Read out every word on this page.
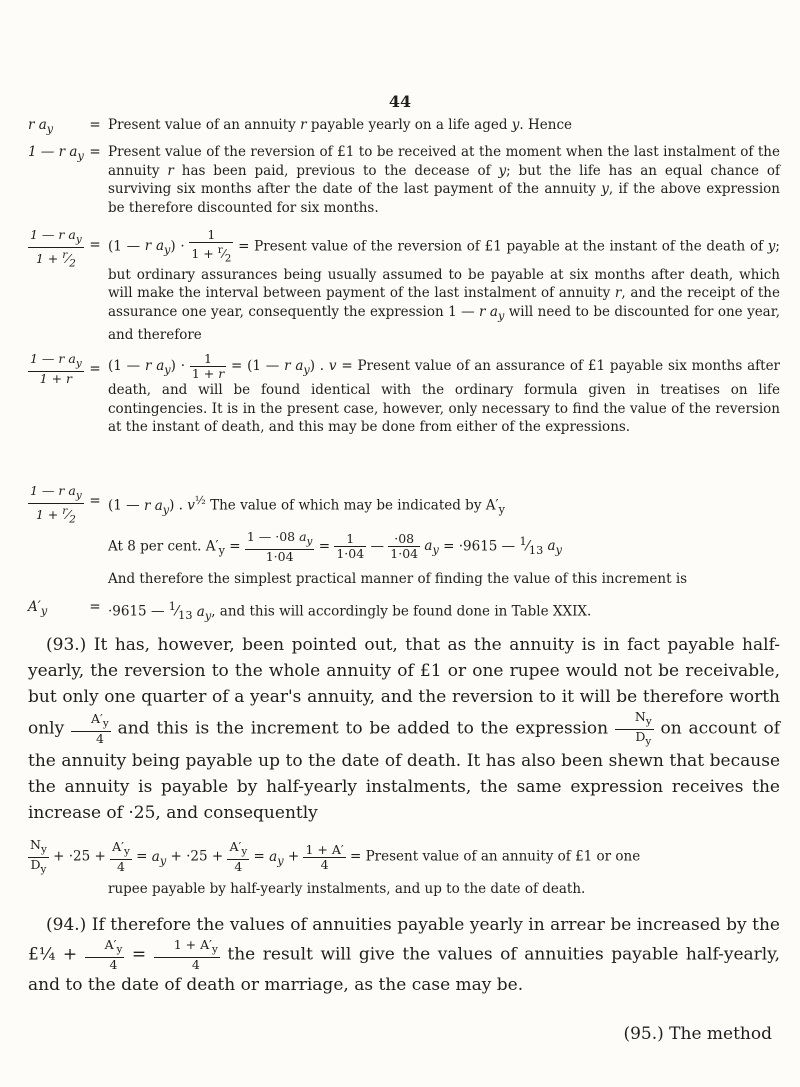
44
r $a_y$	= Present value of an annuity r payable yearly on a life aged y. Hence
1 — r $a_y$ = Present value of the reversion of £1 to be received at the moment when the last instalment of the annuity r has been paid, previous to the decease of y; but the life has an equal chance of surviving six months after the date of the last payment of the annuity y, if the above expression be therefore discounted for six months.
$\frac{1 — r a_y}{1 + ^r⁄_2} = (1$ — r $a_y) \cdot \frac{1}{1 + ^r⁄_2}$ = Present value of the reversion of £1 payable at the instant of the death of y; but ordinary assurances being usually assumed to be payable at six months after death, which will make the interval between payment of the last instalment of annuity r, and the receipt of the assurance one year, consequently the expression 1 — r $a_y$ will need to be discounted for one year, and therefore
$\frac{1 — r a_y}{1 + r} = (1$ — r $a_y) \cdot \frac{1}{1 + r} = (1$ — r $a_y$) . v = Present value of an assurance of £1 payable six months after death, and will be found identical with the ordinary formula given in treatises on life contingencies. It is in the present case, however, only necessary to find the value of the reversion at the instant of death, and this may be done from either of the expressions.
$\frac{1 — r a_y}{1 + ^r⁄_2} = (1$ — r $a_y$) . $v^{\frac{1}{2}}$ The value of which may be indicated by $A'_y$
At 8 per cent. $A'_y = \frac{1 — \cdot 08 a_y}{1\cdot 04} = \frac{1}{1\cdot 04}$ — $\frac{\cdot 08}{1\cdot 04} a_y = \cdot 9615$ — $^1⁄_{13}$ $a_y$
And therefore the simplest practical manner of finding the value of this increment is
$A'_y$	= ·9615 — $^1⁄_{13}$ $a_y$, and this will accordingly be found done in Table XXIX.
(93.) It has, however, been pointed out, that as the annuity is in fact payable half-yearly, the reversion to the whole annuity of £1 or one rupee would not be receivable, but only one quarter of a year's annuity, and the reversion to it will be therefore worth only $\frac{A'_y}{4}$ and this is the increment to be added to the expression $\frac{N_y}{D_y}$ on account of the annuity being payable up to the date of death. It has also been shewn that because the annuity is payable by half-yearly instalments, the same expression receives the increase of ·25, and consequently
$\frac{N_y}{D_y} + \cdot 25 + \frac{A'_y}{4} = a_y + \cdot 25 + \frac{A'_y}{4} = a_y + \frac{1 + A'}{4}$ = Present value of an annuity of £1 or one
rupee payable by half-yearly instalments, and up to the date of death.
(94.) If therefore the values of annuities payable yearly in arrear be increased by the £¼ + $\frac{A'_y}{4} = \frac{1 + A'_y}{4}$ the result will give the values of annuities payable half-yearly, and to the date of death or marriage, as the case may be.
(95.) The method
